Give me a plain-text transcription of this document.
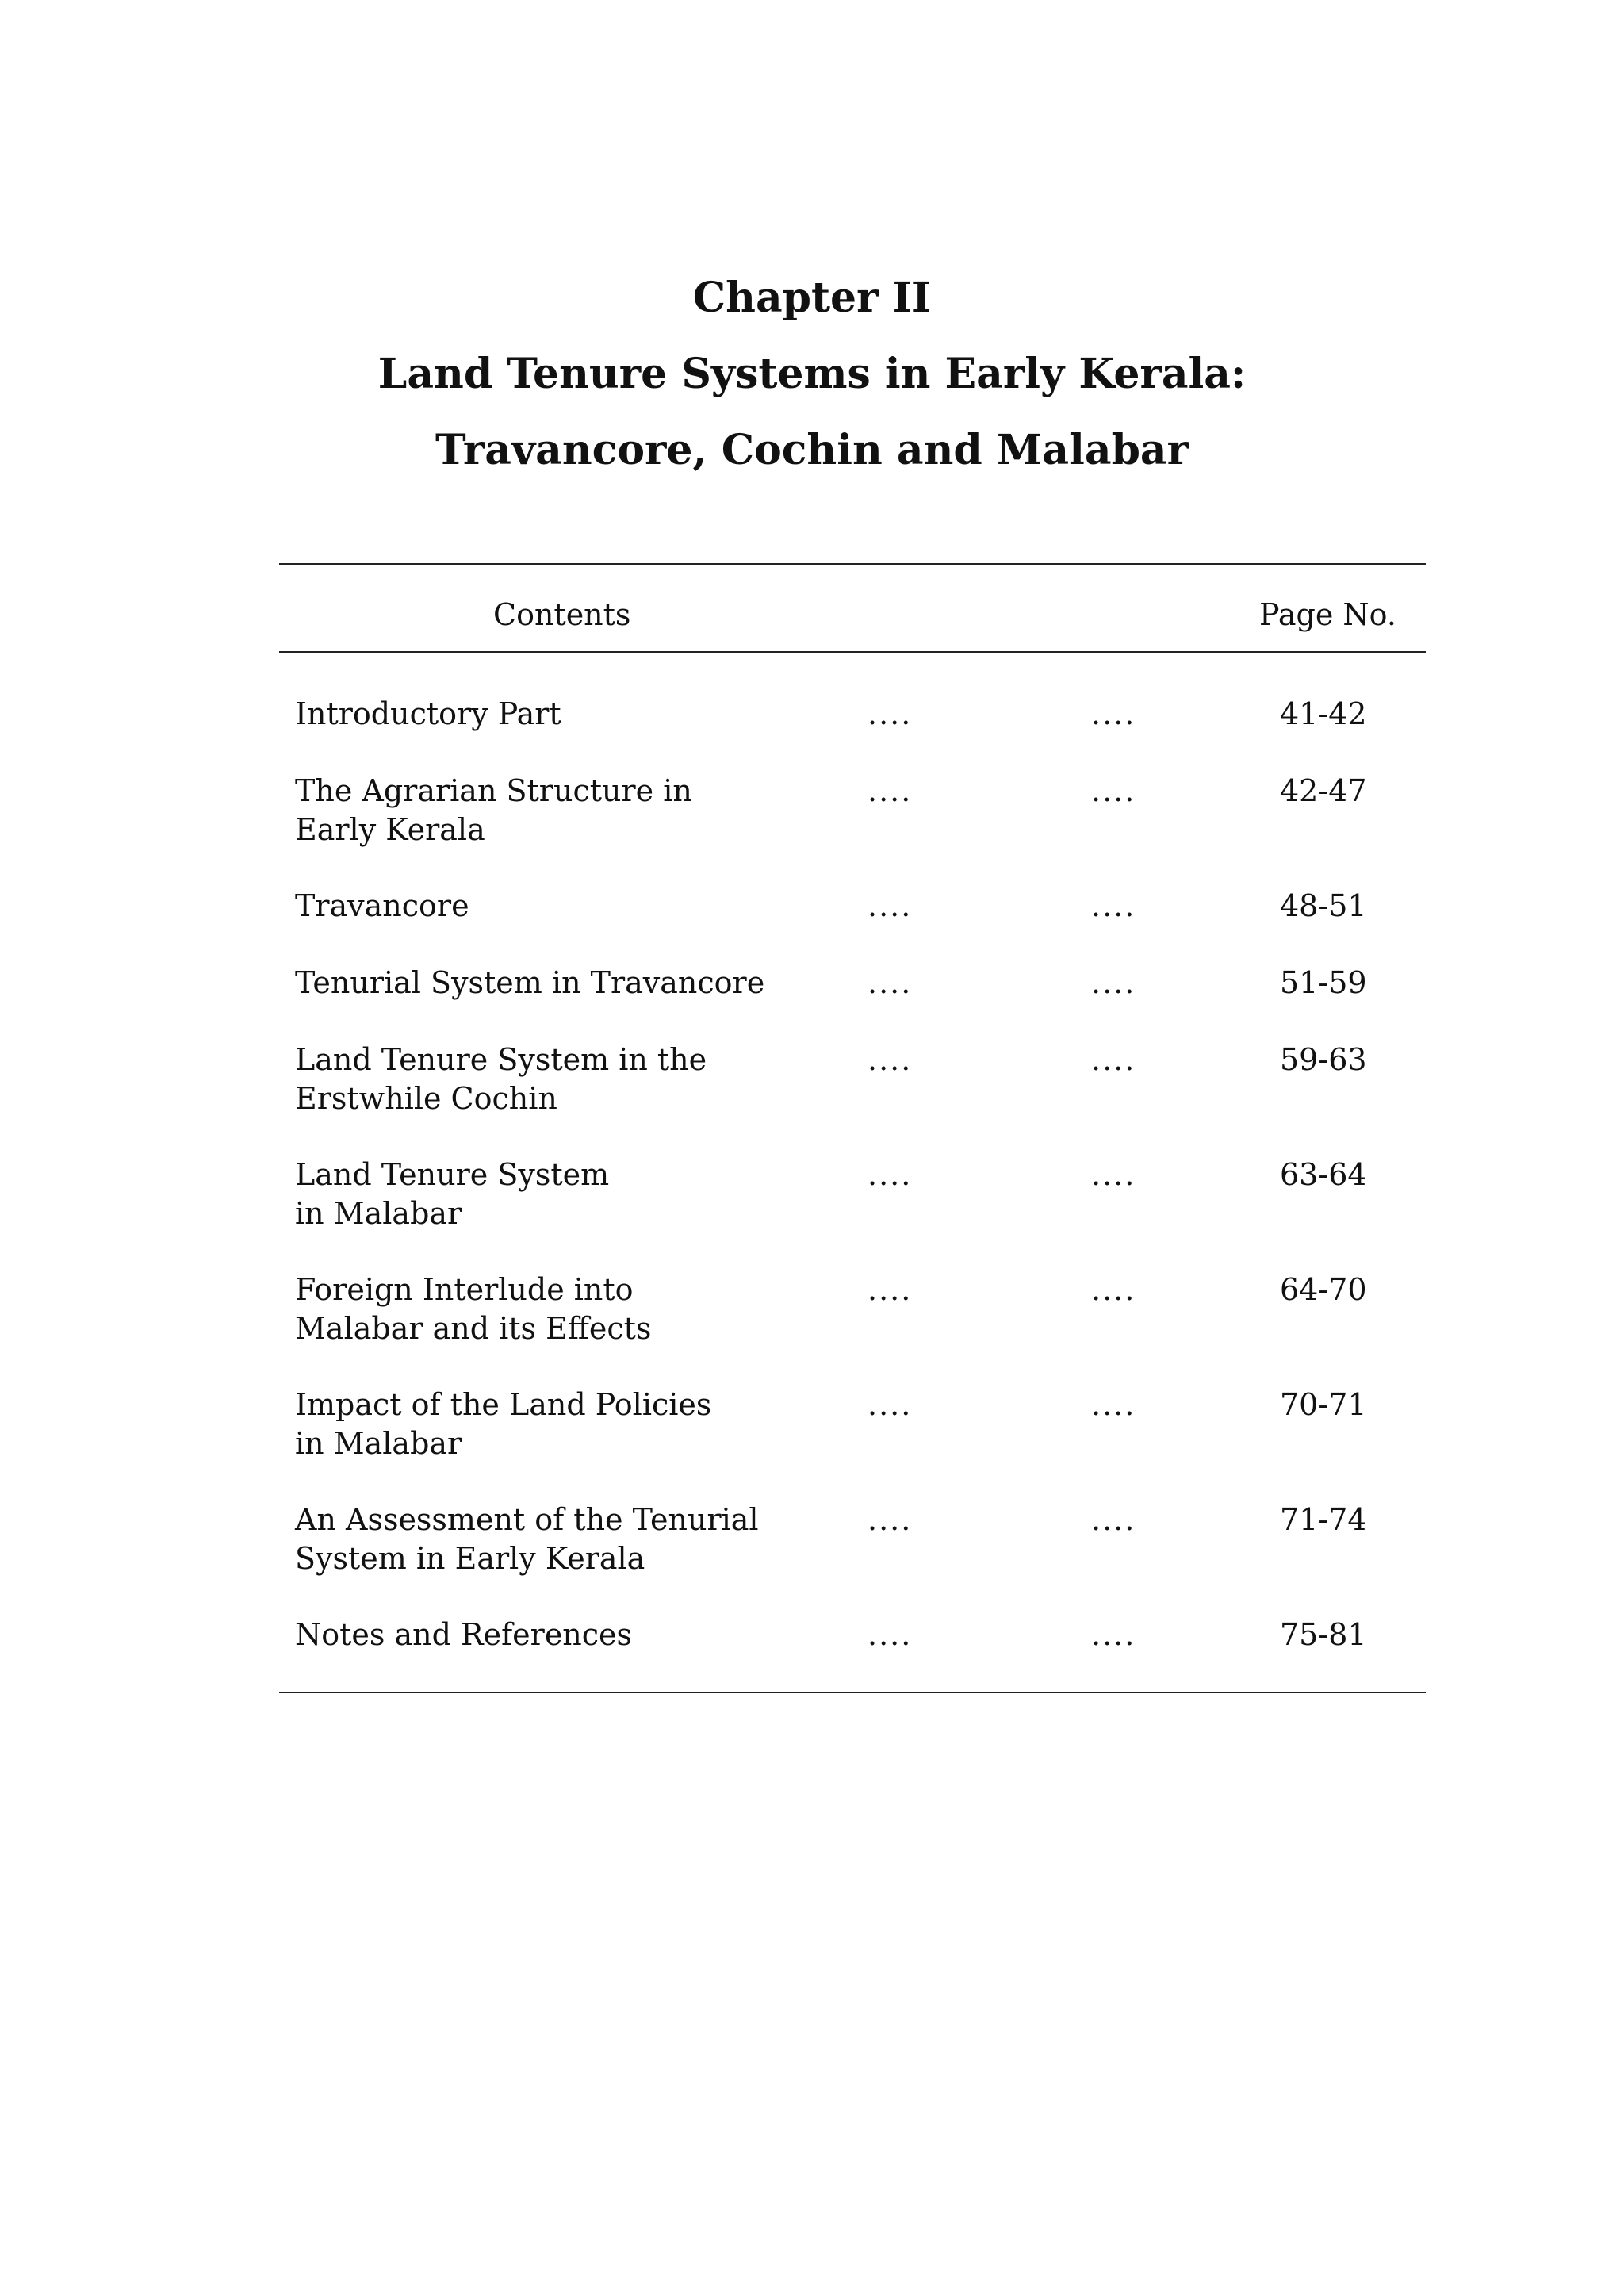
Chapter II
Land Tenure Systems in Early Kerala:
Travancore, Cochin and Malabar
Contents	Page No.
Introductory Part	....	....	41-42
The Agrarian Structure in
Early Kerala
....	....	42-47
Travancore	....	....	48-51
Tenurial System in Travancore	....	....	51-59
Land Tenure System in the
Erstwhile Cochin
....	....	59-63
Land Tenure System
in Malabar
....	....	63-64
Foreign Interlude into
Malabar and its Effects
....	....	64-70
Impact of the Land Policies
in Malabar
....	....	70-71
An Assessment of the Tenurial
System in Early Kerala
....	....	71-74
Notes and References	....	....	75-81
